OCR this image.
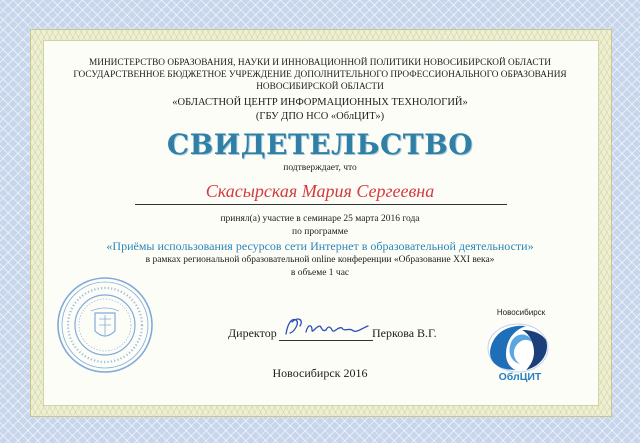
МИНИСТЕРСТВО ОБРАЗОВАНИЯ, НАУКИ И ИННОВАЦИОННОЙ ПОЛИТИКИ НОВОСИБИРСКОЙ ОБЛАСТИ
ГОСУДАРСТВЕННОЕ БЮДЖЕТНОЕ УЧРЕЖДЕНИЕ ДОПОЛНИТЕЛЬНОГО ПРОФЕССИОНАЛЬНОГО ОБРАЗОВАНИЯ
НОВОСИБИРСКОЙ ОБЛАСТИ
«ОБЛАСТНОЙ ЦЕНТР ИНФОРМАЦИОННЫХ ТЕХНОЛОГИЙ»
(ГБУ ДПО НСО «ОблЦИТ»)
СВИДЕТЕЛЬСТВО
подтверждает, что
Скасырская Мария Сергеевна
принял(а) участие в семинаре 25 марта 2016 года
по программе
«Приёмы использования ресурсов сети Интернет в образовательной деятельности»
в рамках региональной образовательной online конференции «Образование XXI века»
в объеме 1 час
Директор	Перкова В.Г.
Новосибирск 2016
Новосибирск
ОблЦИТ
